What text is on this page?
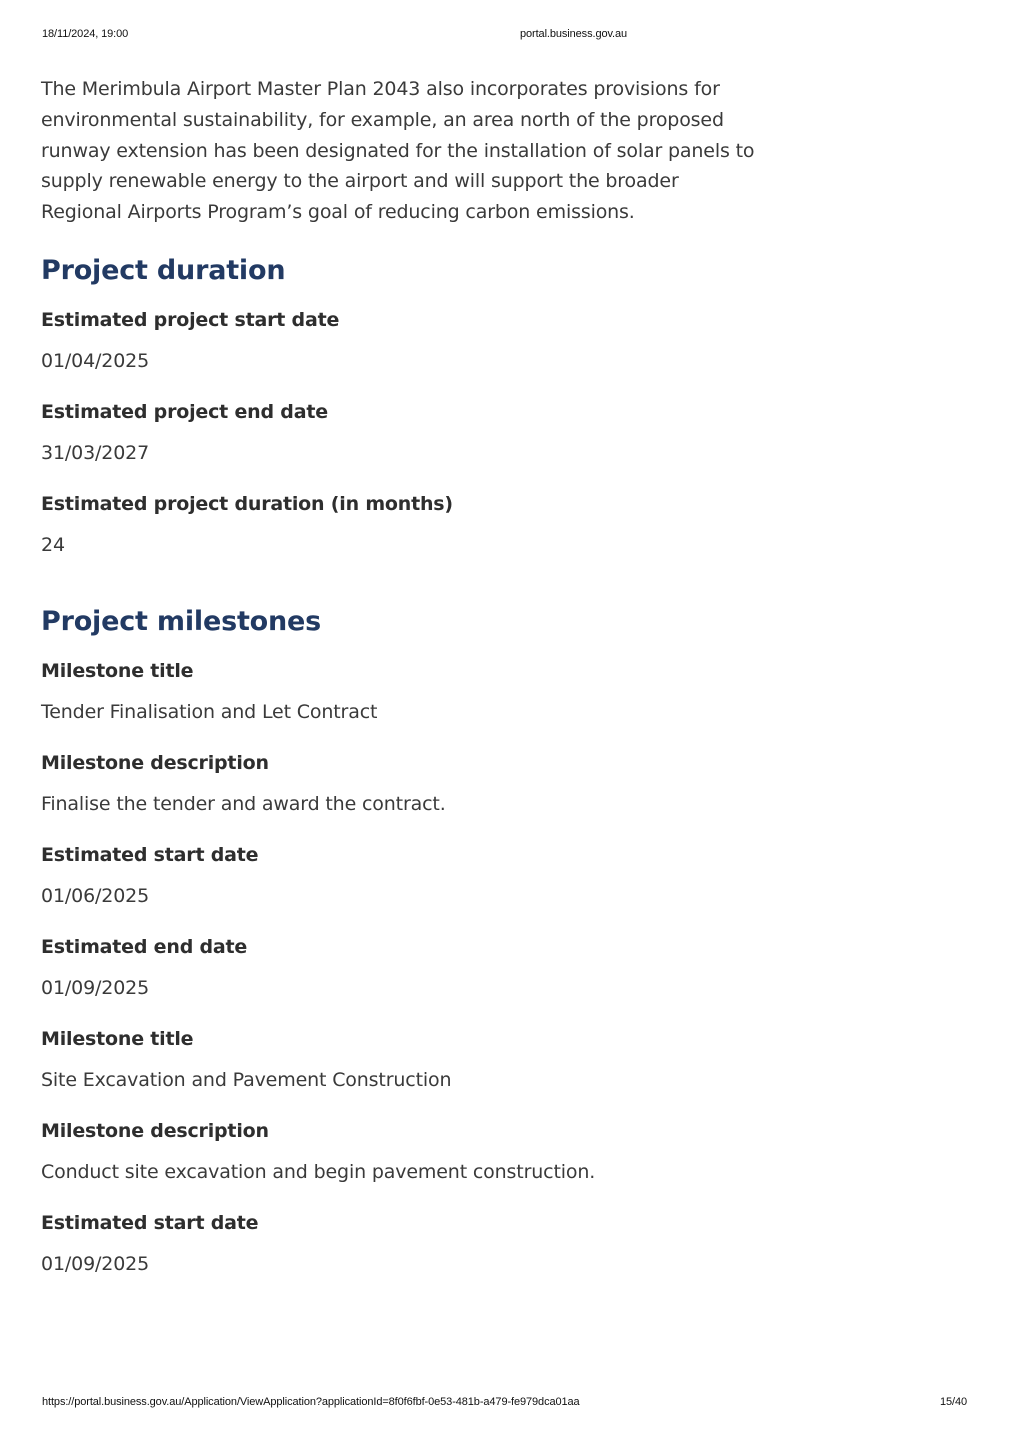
18/11/2024, 19:00	portal.business.gov.au

The Merimbula Airport Master Plan 2043 also incorporates provisions for environmental sustainability, for example, an area north of the proposed runway extension has been designated for the installation of solar panels to supply renewable energy to the airport and will support the broader Regional Airports Program’s goal of reducing carbon emissions.

Project duration
Estimated project start date
01/04/2025
Estimated project end date
31/03/2027
Estimated project duration (in months)
24
Project milestones
Milestone title
Tender Finalisation and Let Contract
Milestone description
Finalise the tender and award the contract.
Estimated start date
01/06/2025
Estimated end date
01/09/2025
Milestone title
Site Excavation and Pavement Construction
Milestone description
Conduct site excavation and begin pavement construction.
Estimated start date
01/09/2025
https://portal.business.gov.au/Application/ViewApplication?applicationId=8f0f6fbf-0e53-481b-a479-fe979dca01aa	15/40
